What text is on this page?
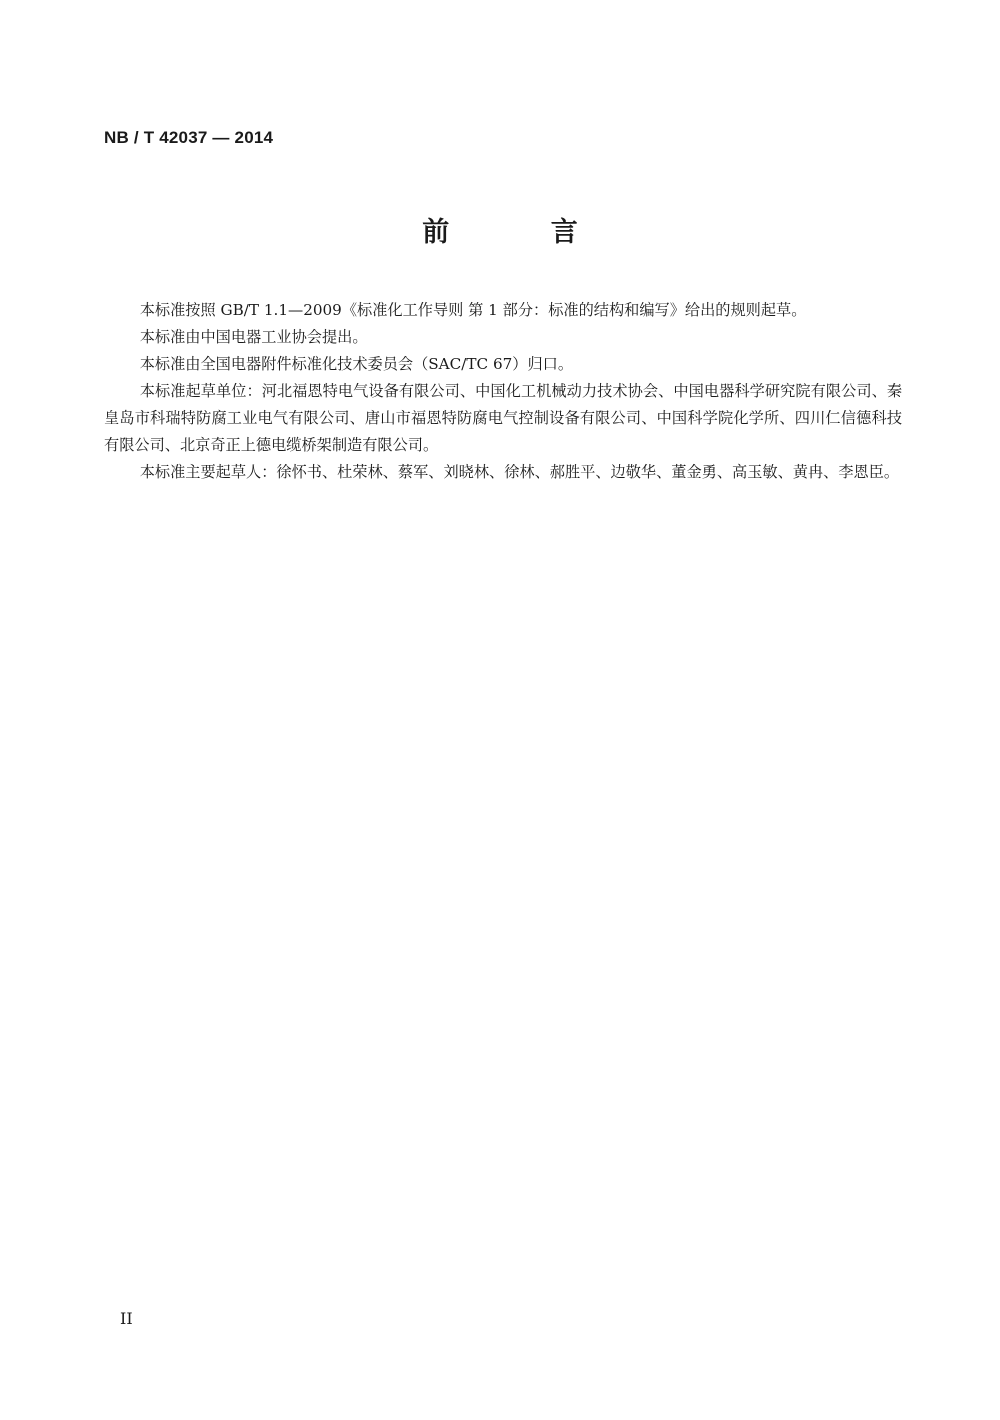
NB / T 42037 — 2014
前 言

本标准按照 GB/T 1.1—2009《标准化工作导则 第 1 部分：标准的结构和编写》给出的规则起草。

本标准由中国电器工业协会提出。

本标准由全国电器附件标准化技术委员会（SAC/TC 67）归口。

本标准起草单位：河北福恩特电气设备有限公司、中国化工机械动力技术协会、中国电器科学研究院有限公司、秦皇岛市科瑞特防腐工业电气有限公司、唐山市福恩特防腐电气控制设备有限公司、中国科学院化学所、四川仁信德科技有限公司、北京奇正上德电缆桥架制造有限公司。

本标准主要起草人：徐怀书、杜荣林、蔡军、刘晓林、徐林、郝胜平、边敬华、董金勇、高玉敏、黄冉、李恩臣。

II
